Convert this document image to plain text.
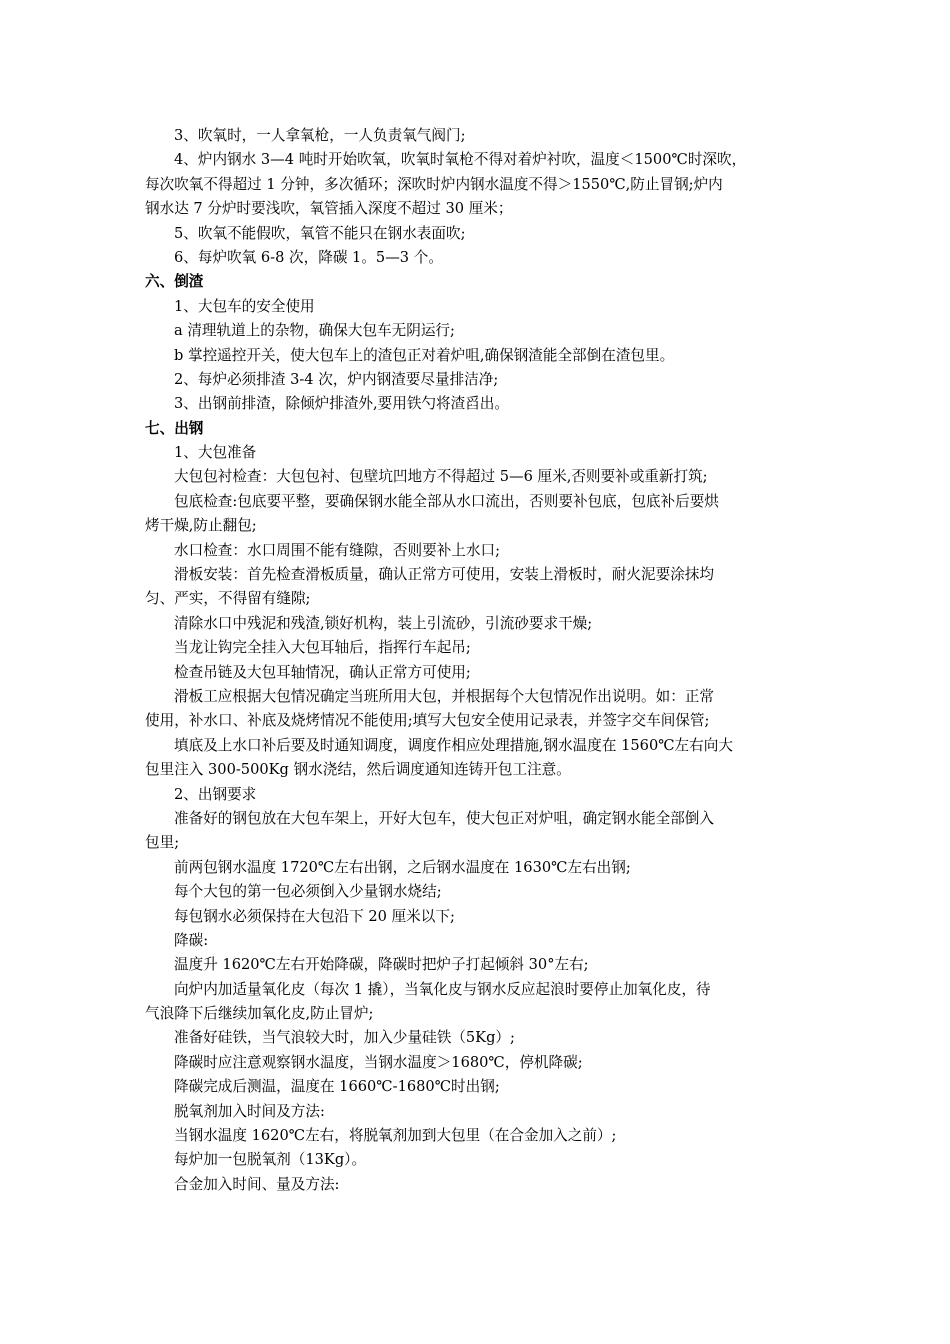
3、吹氧时，一人拿氧枪，一人负责氧气阀门;
4、炉内钢水 3—4 吨时开始吹氧，吹氧时氧枪不得对着炉衬吹，温度＜1500℃时深吹，
每次吹氧不得超过 1 分钟，多次循环；深吹时炉内钢水温度不得＞1550℃,防止冒钢;炉内
钢水达 7 分炉时要浅吹，氧管插入深度不超过 30 厘米；
5、吹氧不能假吹，氧管不能只在钢水表面吹;
6、每炉吹氧 6-8 次，降碳 1。5—3 个。
六、倒渣
1、大包车的安全使用
a 清理轨道上的杂物，确保大包车无阴运行;
b 掌控遥控开关，使大包车上的渣包正对着炉咀,确保钢渣能全部倒在渣包里。
2、每炉必须排渣 3-4 次，炉内钢渣要尽量排洁净;
3、出钢前排渣，除倾炉排渣外,要用铁勺将渣舀出。
七、出钢
1、大包准备
大包包衬检查：大包包衬、包壁坑凹地方不得超过 5—6 厘米,否则要补或重新打筑;
包底检查:包底要平整，要确保钢水能全部从水口流出，否则要补包底，包底补后要烘
烤干燥,防止翻包;
水口检查：水口周围不能有缝隙，否则要补上水口;
滑板安装：首先检查滑板质量，确认正常方可使用，安装上滑板时，耐火泥要涂抹均
匀、严实，不得留有缝隙;
清除水口中残泥和残渣,锁好机构，装上引流砂，引流砂要求干燥;
当龙让钩完全挂入大包耳轴后，指挥行车起吊;
检查吊链及大包耳轴情况，确认正常方可使用;
滑板工应根据大包情况确定当班所用大包，并根据每个大包情况作出说明。如：正常
使用，补水口、补底及烧烤情况不能使用;填写大包安全使用记录表，并签字交车间保管;
填底及上水口补后要及时通知调度，调度作相应处理措施,钢水温度在 1560℃左右向大
包里注入 300-500Kg 钢水浇结，然后调度通知连铸开包工注意。
2、出钢要求
准备好的钢包放在大包车架上，开好大包车，使大包正对炉咀，确定钢水能全部倒入
包里;
前两包钢水温度 1720℃左右出钢，之后钢水温度在 1630℃左右出钢;
每个大包的第一包必须倒入少量钢水烧结;
每包钢水必须保持在大包沿下 20 厘米以下;
降碳:
温度升 1620℃左右开始降碳，降碳时把炉子打起倾斜 30°左右;
向炉内加适量氧化皮（每次 1 撬），当氧化皮与钢水反应起浪时要停止加氧化皮，待
气浪降下后继续加氧化皮,防止冒炉;
准备好硅铁，当气浪较大时，加入少量硅铁（5Kg）;
降碳时应注意观察钢水温度，当钢水温度＞1680℃，停机降碳;
降碳完成后测温，温度在 1660℃-1680℃时出钢;
脱氧剂加入时间及方法:
当钢水温度 1620℃左右，将脱氧剂加到大包里（在合金加入之前）;
每炉加一包脱氧剂（13Kg）。
合金加入时间、量及方法:
